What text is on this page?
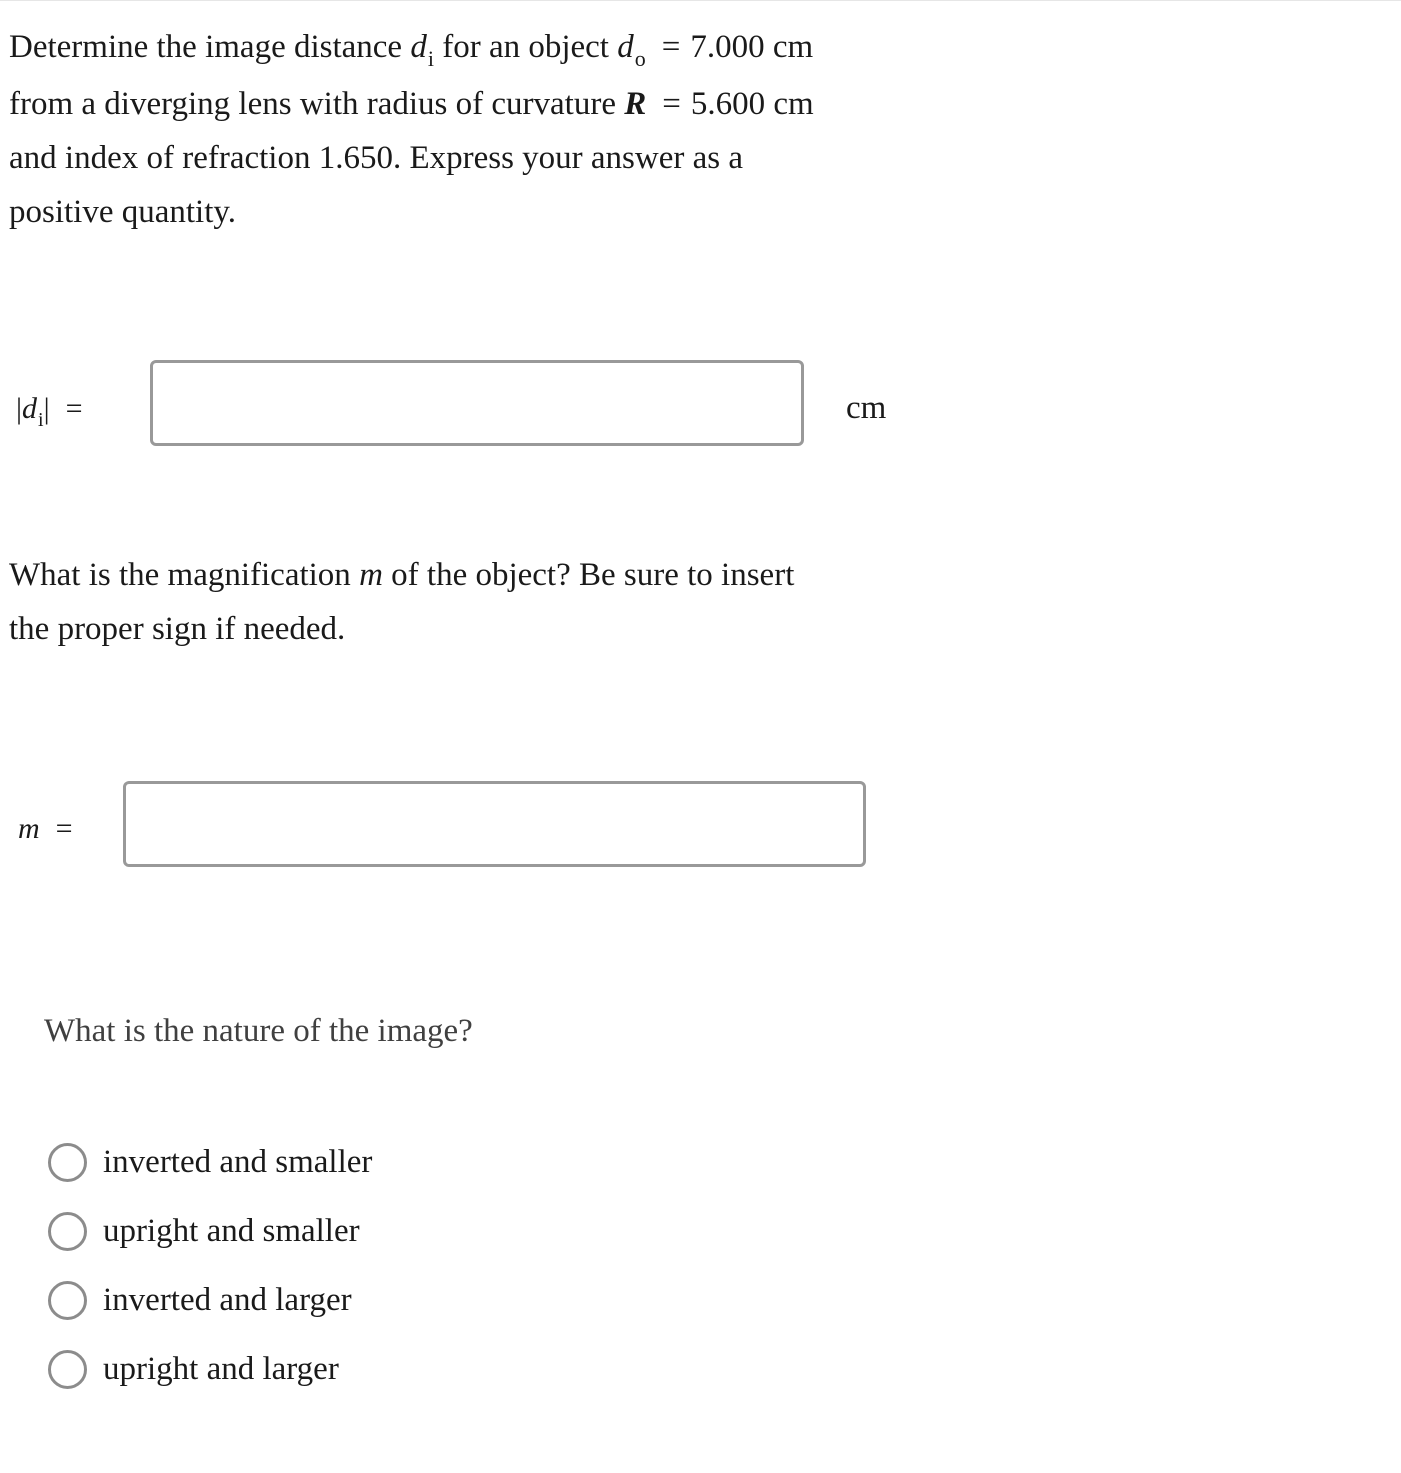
Determine the image distance $d_i$ for an object $d_o = 7.000$ cm
from a diverging lens with radius of curvature R = 5.600 cm
and index of refraction 1.650. Express your answer as a
positive quantity.
$|d_i|$ =	cm
What is the magnification m of the object? Be sure to insert
the proper sign if needed.
m =
What is the nature of the image?
inverted and smaller
upright and smaller
inverted and larger
upright and larger
